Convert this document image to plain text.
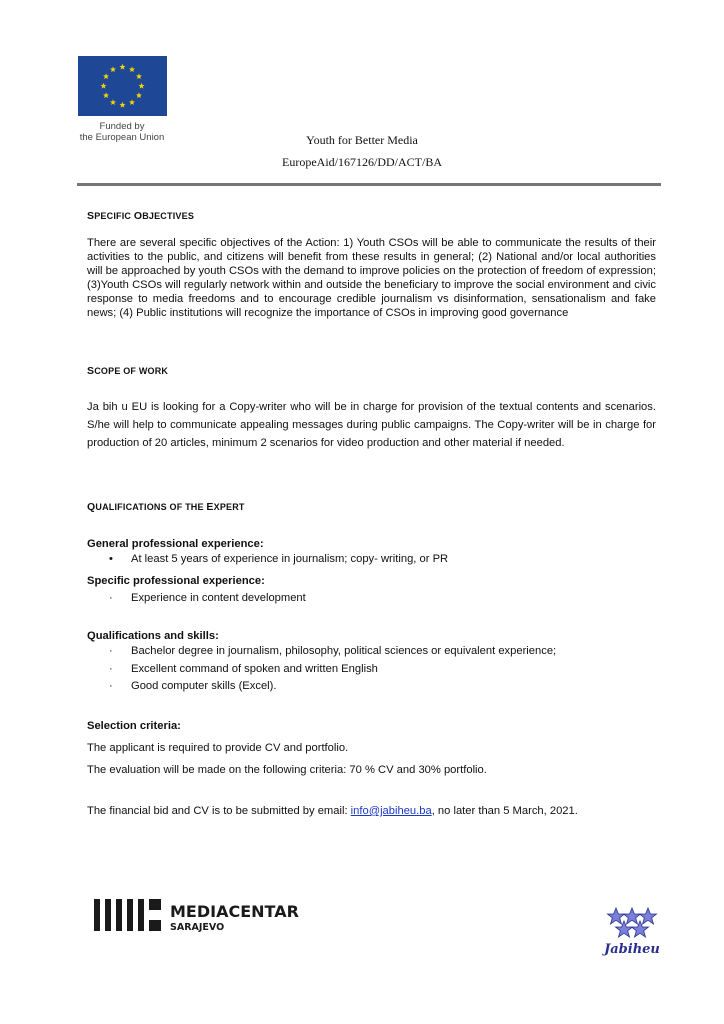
Funded by
the European Union	Youth for Better Media
EuropeAid/167126/DD/ACT/BA
SPECIFIC OBJECTIVES
There are several specific objectives of the Action: 1) Youth CSOs will be able to communicate the results of their activities to the public, and citizens will benefit from these results in general; (2) National and/or local authorities will be approached by youth CSOs with the demand to improve policies on the protection of freedom of expression; (3)Youth CSOs will regularly network within and outside the beneficiary to improve the social environment and civic response to media freedoms and to encourage credible journalism vs disinformation, sensationalism and fake news; (4) Public institutions will recognize the importance of CSOs in improving good governance
SCOPE OF WORK
Ja bih u EU is looking for a Copy-writer who will be in charge for provision of the textual contents and scenarios. S/he will help to communicate appealing messages during public campaigns. The Copy-writer will be in charge for production of 20 articles, minimum 2 scenarios for video production and other material if needed.
QUALIFICATIONS OF THE EXPERT
General professional experience:
• At least 5 years of experience in journalism; copy- writing, or PR
Specific professional experience:
· Experience in content development
Qualifications and skills:
· Bachelor degree in journalism, philosophy, political sciences or equivalent experience;
· Excellent command of spoken and written English
· Good computer skills (Excel).
Selection criteria:
The applicant is required to provide CV and portfolio.
The evaluation will be made on the following criteria: 70 % CV and 30% portfolio.
The financial bid and CV is to be submitted by email: info@jabiheu.ba, no later than 5 March, 2021.
MEDIACENTAR
SARAJEVO
Jabiheu
